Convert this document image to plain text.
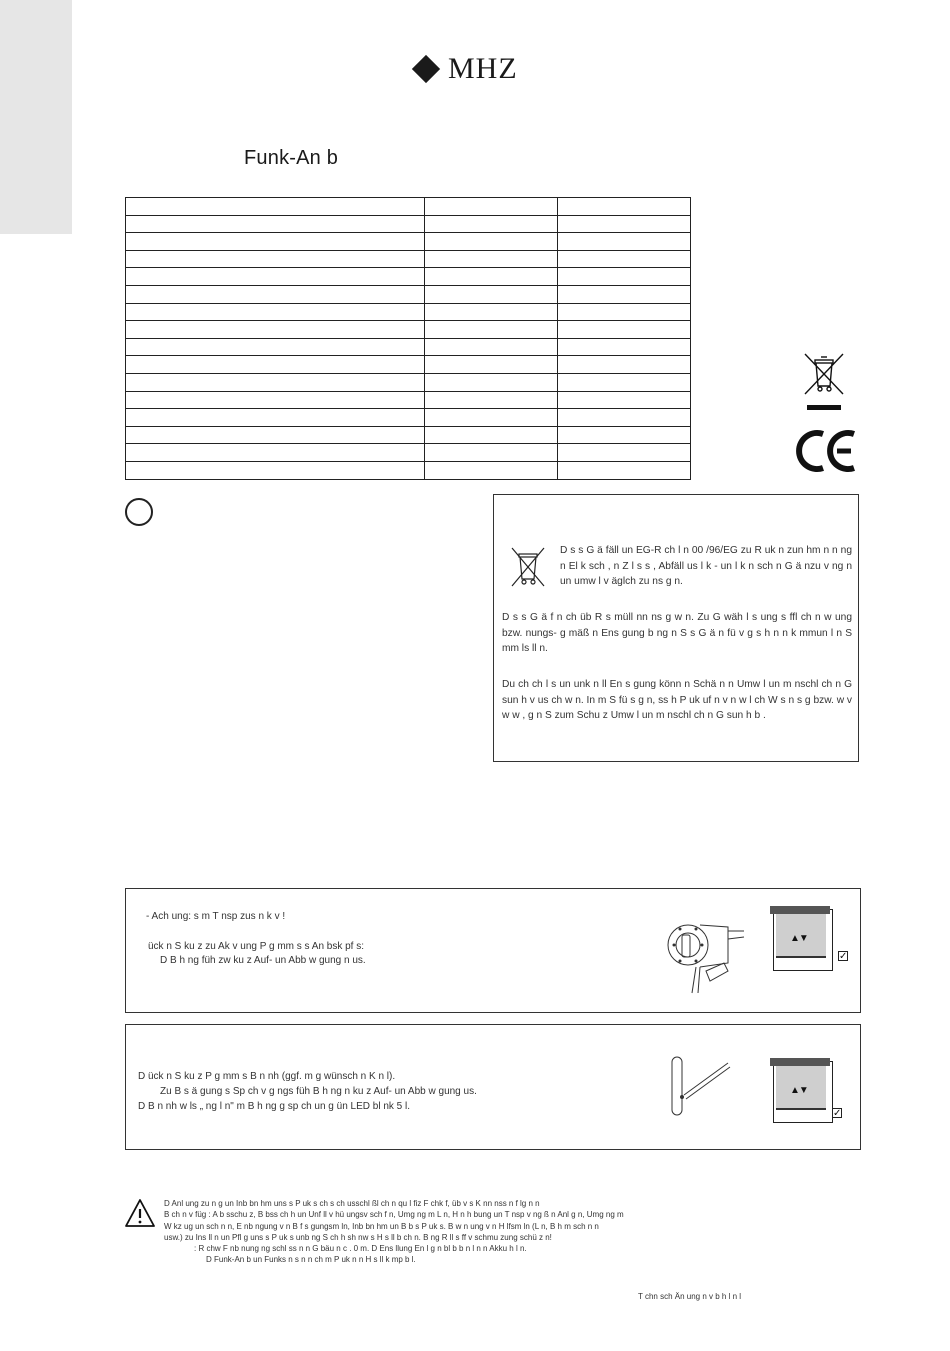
MHZ
Funk-An b

D s s G ä fäll un EG-R ch l n 00 /96/EG zu R uk n zun hm n n ng n El k sch , n Z l s s , Abfäll us l k - un l k n sch n G ä nzu v ng n un umw l v äglch zu ns g n.

D s s G ä f n ch üb R s müll nn ns g w n. Zu G wäh l s ung s ffl ch n w ung bzw. nungs- g mäß n Ens gung b ng n S s G ä n fü v g s h n n k mmun l n S mm ls ll n.

Du ch ch l s un unk n ll En s gung könn n Schä n n Umw l un m nschl ch n G sun h v us ch w n. In m S fü s g n, ss h P uk uf n v n w l ch W s n s g bzw. w v w w , g n S zum Schu z Umw l un m nschl ch n G sun h b .

- Ach ung: s m T nsp zus n k v !
ück n S ku z zu Ak v ung P g mm s s An bsk pf s:
D B h ng füh zw ku z Auf- un Abb w gung n us.
▲▼
✓
D ück n S ku z P g mm s B n nh (ggf. m g wünsch n K n l).
Zu B s ä gung s Sp ch v g ngs füh B h ng n ku z Auf- un Abb w gung us.
D B n nh w ls „ ng l n" m B h ng g sp ch un g ün LED bl nk 5 l.
▲▼
✓
D Anl ung zu n g un Inb bn hm uns s P uk s ch s ch usschl ßl ch n qu l fiz F chk f, üb v s K nn nss n f lg n n
B ch n v füg : A b sschu z, B bss ch h un Unf ll v hü ungsv sch f n, Umg ng m L n, H n h bung un T nsp v ng ß n Anl g n, Umg ng m
W kz ug un sch n n, E nb ngung v n B f s gungsm ln, Inb bn hm un B b s P uk s. B w n ung v n H lfsm ln (L n, B h m sch n n
usw.) zu Ins ll n un Pfl g uns s P uk s unb ng S ch h sh nw s H s ll b ch n. B ng R ll s ff v schmu zung schü z n!
: R chw F nb nung ng schl ss n n G bäu n c . 0 m. D Ens llung En l g n bl b b n l n n Akku h l n.
D Funk-An b un Funks n s n n ch m P uk n n H s ll k mp b l.
T chn sch Än ung n v b h l n l
